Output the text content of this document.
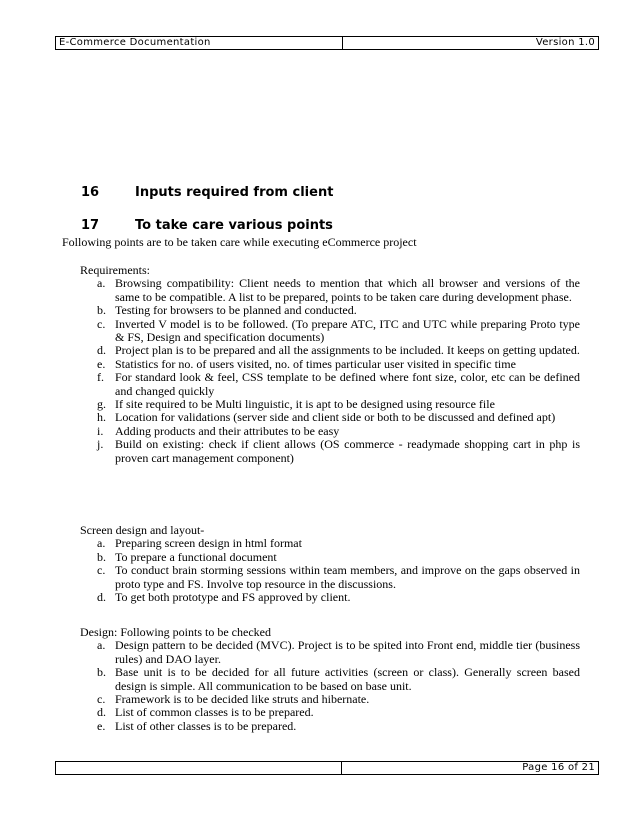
E-Commerce Documentation	Version 1.0
16	Inputs required from client
17	To take care various points
Following points are to be taken care while executing eCommerce project

Requirements:

a. Browsing compatibility: Client needs to mention that which all browser and versions of the same to be compatible. A list to be prepared, points to be taken care during development phase.
b. Testing for browsers to be planned and conducted.
c. Inverted V model is to be followed. (To prepare ATC, ITC and UTC while preparing Proto type & FS, Design and specification documents)
d. Project plan is to be prepared and all the assignments to be included. It keeps on getting updated.
e. Statistics for no. of users visited, no. of times particular user visited in specific time
f. For standard look & feel, CSS template to be defined where font size, color, etc can be defined and changed quickly
g. If site required to be Multi linguistic, it is apt to be designed using resource file
h. Location for validations (server side and client side or both to be discussed and defined apt)
i. Adding products and their attributes to be easy
j. Build on existing: check if client allows (OS commerce - readymade shopping cart in php is proven cart management component)

Screen design and layout-

a. Preparing screen design in html format
b. To prepare a functional document
c. To conduct brain storming sessions within team members, and improve on the gaps observed in proto type and FS. Involve top resource in the discussions.
d. To get both prototype and FS approved by client.

Design: Following points to be checked

a. Design pattern to be decided (MVC). Project is to be spited into Front end, middle tier (business rules) and DAO layer.
b. Base unit is to be decided for all future activities (screen or class). Generally screen based design is simple. All communication to be based on base unit.
c. Framework is to be decided like struts and hibernate.
d. List of common classes is to be prepared.
e. List of other classes is to be prepared.
	Page 16 of 21
